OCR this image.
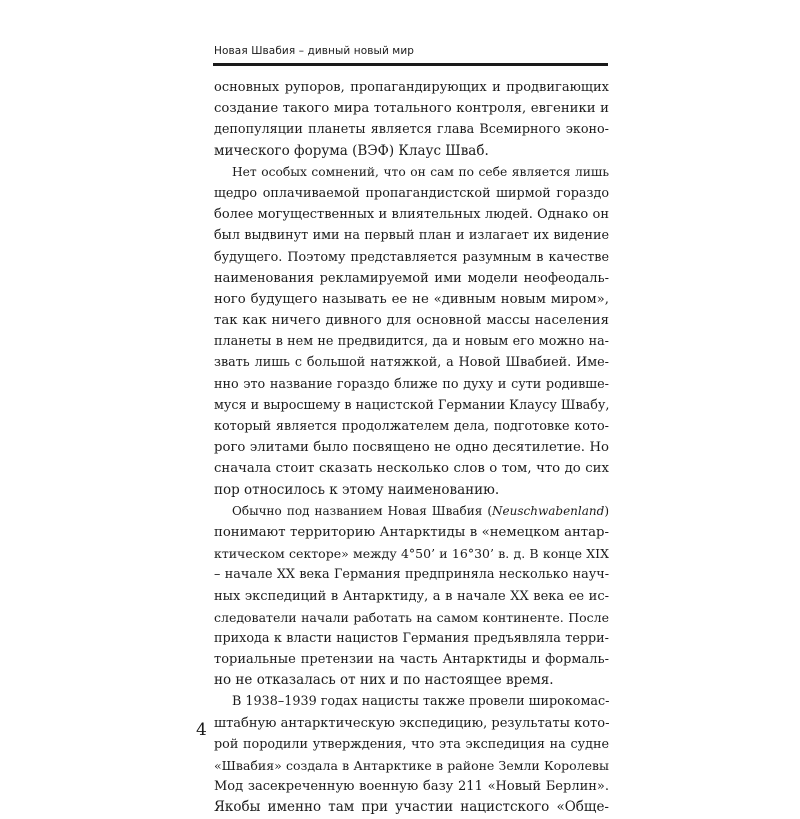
Новая Швабия – дивный новый мир
основных рупоров, пропагандирующих и продвигающих
создание такого мира тотального контроля, евгеники и
депопуляции планеты является глава Всемирного эконо-
мического форума (ВЭФ) Клаус Шваб.
Нет особых сомнений, что он сам по себе является лишь
щедро оплачиваемой пропагандистской ширмой гораздо
более могущественных и влиятельных людей. Однако он
был выдвинут ими на первый план и излагает их видение
будущего. Поэтому представляется разумным в качестве
наименования рекламируемой ими модели неофеодаль-
ного будущего называть ее не «дивным новым миром»,
так как ничего дивного для основной массы населения
планеты в нем не предвидится, да и новым его можно на-
звать лишь с большой натяжкой, а Новой Швабией. Име-
нно это название гораздо ближе по духу и сути родивше-
муся и выросшему в нацистской Германии Клаусу Швабу,
который является продолжателем дела, подготовке кото-
рого элитами было посвящено не одно десятилетие. Но
сначала стоит сказать несколько слов о том, что до сих
пор относилось к этому наименованию.
Обычно под названием Новая Швабия (Neuschwabenland)
понимают территорию Антарктиды в «немецком антар-
ктическом секторе» между 4°50’ и 16°30’ в. д. В конце XIX
– начале XX века Германия предприняла несколько науч-
ных экспедиций в Антарктиду, а в начале XX века ее ис-
следователи начали работать на самом континенте. После
прихода к власти нацистов Германия предъявляла терри-
ториальные претензии на часть Антарктиды и формаль-
но не отказалась от них и по настоящее время.
В 1938–1939 годах нацисты также провели широкомас-
штабную антарктическую экспедицию, результаты кото-
рой породили утверждения, что эта экспедиция на судне
«Швабия» создала в Антарктике в районе Земли Королевы
Мод засекреченную военную базу 211 «Новый Берлин».
Якобы именно там при участии нацистского «Обще-
4
